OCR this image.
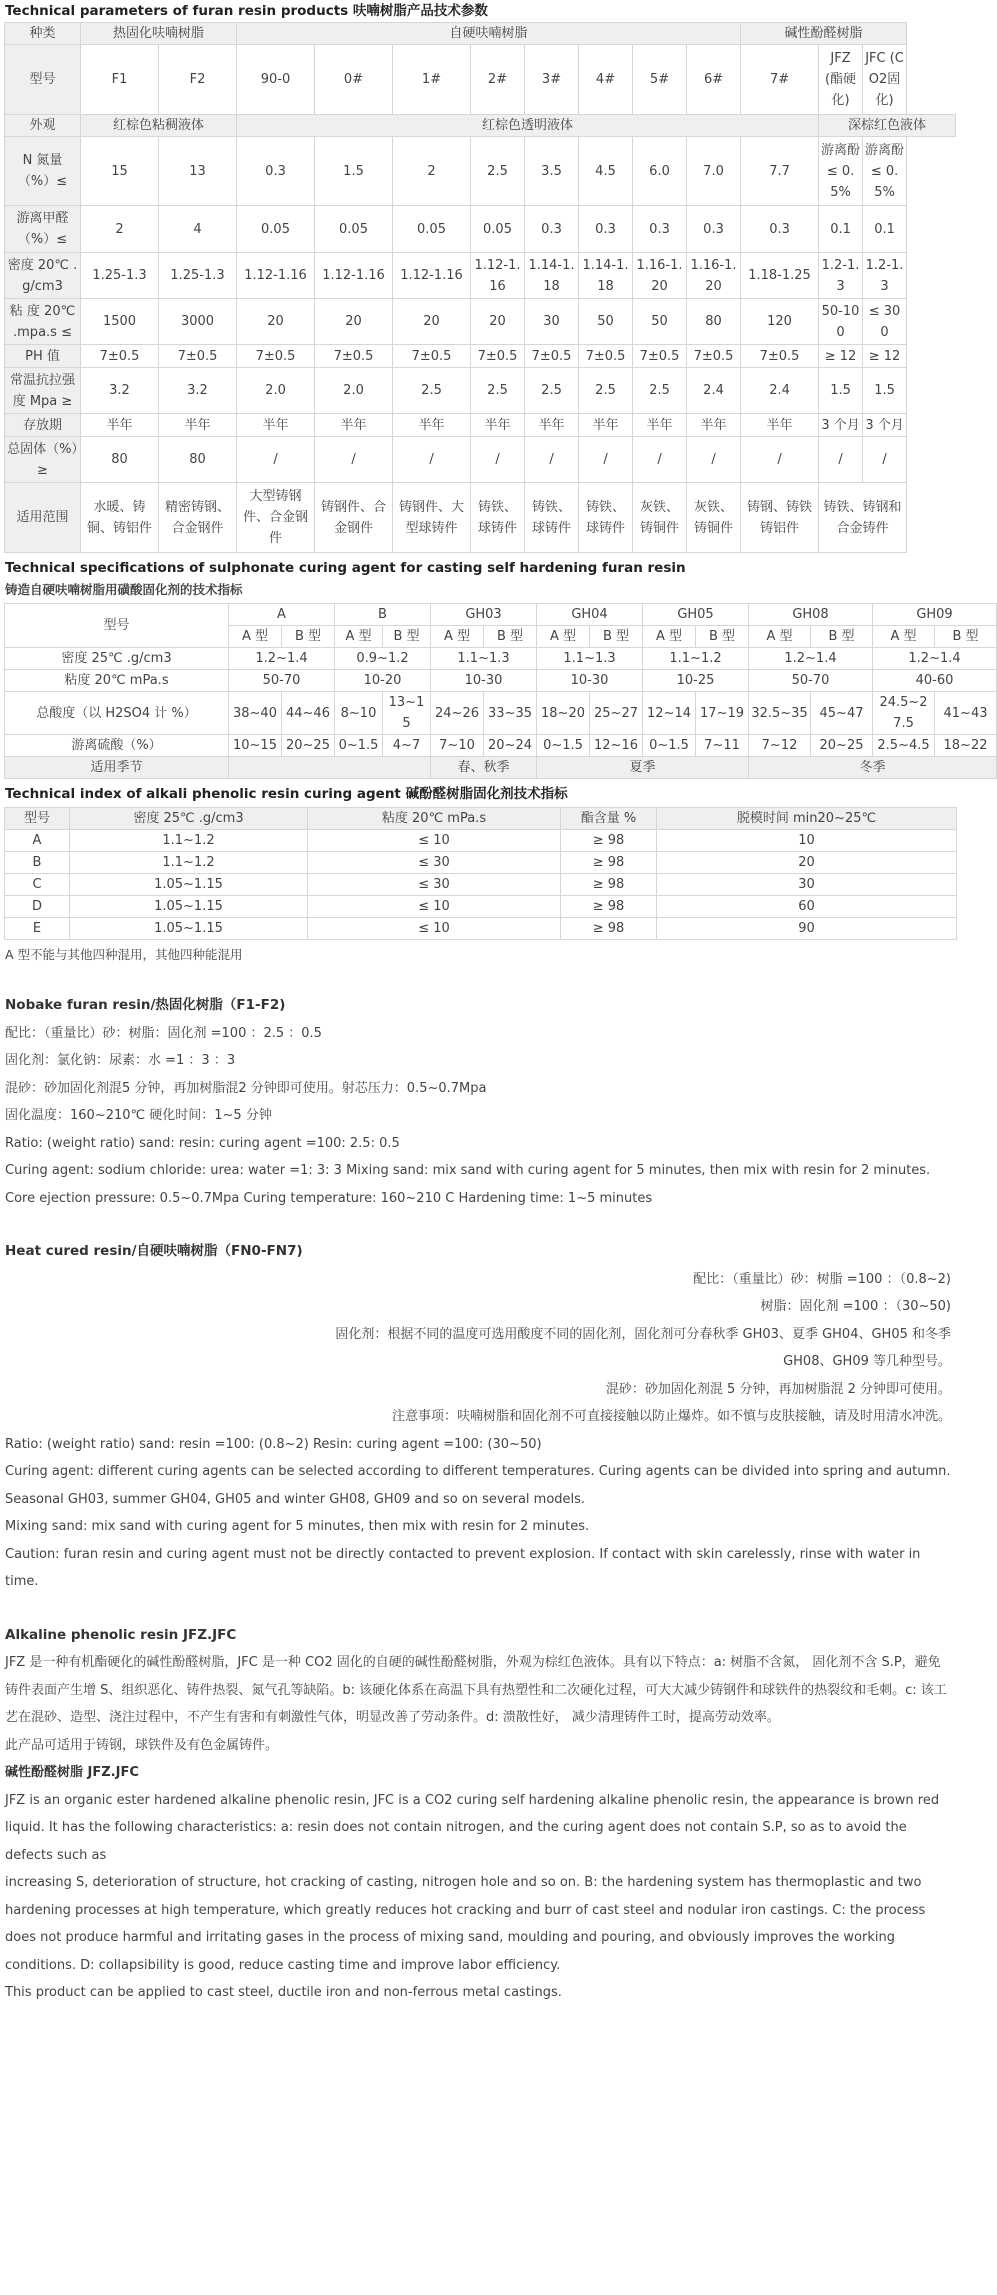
Technical parameters of furan resin products 呋喃树脂产品技术参数
种类	热固化呋喃树脂		自硬呋喃树脂								碱性酚醛树脂		
型号	F1	F2	90-0	0#	1#	2#	3#	4#	5#	6#	7#	JFZ (酯硬化)	JFC (CO2固化)
外观	红棕色粘稠液体		红棕色透明液体									深棕红色液体	
N 氮量（%）≤	15	13	0.3	1.5	2	2.5	3.5	4.5	6.0	7.0	7.7	游离酚 ≤ 0.5%	游离酚 ≤ 0.5%
游离甲醛（%）≤	2	4	0.05	0.05	0.05	0.05	0.3	0.3	0.3	0.3	0.3	0.1	0.1
密度 20℃ .g/cm3	1.25-1.3	1.25-1.3	1.12-1.16	1.12-1.16	1.12-1.16	1.12-1.16	1.14-1.18	1.14-1.18	1.16-1.20	1.16-1.20	1.18-1.25	1.2-1.3	1.2-1.3
粘 度 20℃ .mpa.s ≤	1500	3000	20	20	20	20	30	50	50	80	120	50-100	≤ 300
PH 值	7±0.5	7±0.5	7±0.5	7±0.5	7±0.5	7±0.5	7±0.5	7±0.5	7±0.5	7±0.5	7±0.5	≥ 12	≥ 12
常温抗拉强度 Mpa ≥	3.2	3.2	2.0	2.0	2.5	2.5	2.5	2.5	2.5	2.4	2.4	1.5	1.5
存放期	半年	半年	半年	半年	半年	半年	半年	半年	半年	半年	半年	3 个月	3 个月
总固体（%）≥	80	80	/	/	/	/	/	/	/	/	/	/	/
适用范围	水暖、铸铜、铸铝件	精密铸钢、合金钢件	大型铸钢件、合金钢件	铸钢件、合金钢件	铸钢件、大型球铸件	铸铁、球铸件	铸铁、球铸件	铸铁、球铸件	灰铁、铸铜件	灰铁、铸铜件	铸钢、铸铁铸铝件	铸铁、铸钢和合金铸件	
Technical specifications of sulphonate curing agent for casting self hardening furan resin
铸造自硬呋喃树脂用磺酸固化剂的技术指标
型号	A		B		GH03		GH04		GH05		GH08		GH09	
	A 型	B 型	A 型	B 型	A 型	B 型	A 型	B 型	A 型	B 型	A 型	B 型	A 型	B 型
密度 25℃ .g/cm3	1.2~1.4		0.9~1.2		1.1~1.3		1.1~1.3		1.1~1.2		1.2~1.4		1.2~1.4	
粘度 20℃ mPa.s	50-70		10-20		10-30		10-30		10-25		50-70		40-60	
总酸度（以 H2SO4 计 %）	38~40	44~46	8~10	13~15	24~26	33~35	18~20	25~27	12~14	17~19	32.5~35	45~47	24.5~27.5	41~43
游离硫酸（%）	10~15	20~25	0~1.5	4~7	7~10	20~24	0~1.5	12~16	0~1.5	7~11	7~12	20~25	2.5~4.5	18~22
适用季节					春、秋季		夏季				冬季			
Technical index of alkali phenolic resin curing agent 碱酚醛树脂固化剂技术指标
型号	密度 25℃ .g/cm3	粘度 20℃ mPa.s	酯含量 %	脱模时间 min20~25℃
A	1.1~1.2	≤ 10	≥ 98	10
B	1.1~1.2	≤ 30	≥ 98	20
C	1.05~1.15	≤ 30	≥ 98	30
D	1.05~1.15	≤ 10	≥ 98	60
E	1.05~1.15	≤ 10	≥ 98	90

A 型不能与其他四种混用，其他四种能混用

Nobake furan resin/热固化树脂（F1-F2)

配比：（重量比）砂：树脂：固化剂 =100 ：2.5 ：0.5

固化剂：氯化钠：尿素：水 =1 ：3 ：3

混砂：砂加固化剂混5 分钟，再加树脂混2 分钟即可使用。射芯压力：0.5~0.7Mpa

固化温度：160~210℃ 硬化时间：1~5 分钟

Ratio: (weight ratio) sand: resin: curing agent =100: 2.5: 0.5

Curing agent: sodium chloride: urea: water =1: 3: 3 Mixing sand: mix sand with curing agent for 5 minutes, then mix with resin for 2 minutes.

Core ejection pressure: 0.5~0.7Mpa Curing temperature: 160~210 C Hardening time: 1~5 minutes

Heat cured resin/自硬呋喃树脂（FN0-FN7)

配比：（重量比）砂：树脂 =100 ：（0.8~2)

树脂：固化剂 =100 ：（30~50)

固化剂：根据不同的温度可选用酸度不同的固化剂，固化剂可分春秋季 GH03、夏季 GH04、GH05 和冬季

GH08、GH09 等几种型号。

混砂：砂加固化剂混 5 分钟，再加树脂混 2 分钟即可使用。

注意事项：呋喃树脂和固化剂不可直接接触以防止爆炸。如不慎与皮肤接触，请及时用清水冲洗。

Ratio: (weight ratio) sand: resin =100: (0.8~2) Resin: curing agent =100: (30~50)

Curing agent: different curing agents can be selected according to different temperatures. Curing agents can be divided into spring and autumn.

Seasonal GH03, summer GH04, GH05 and winter GH08, GH09 and so on several models.

Mixing sand: mix sand with curing agent for 5 minutes, then mix with resin for 2 minutes.

Caution: furan resin and curing agent must not be directly contacted to prevent explosion. If contact with skin carelessly, rinse with water in time.

Alkaline phenolic resin JFZ.JFC

JFZ 是一种有机酯硬化的碱性酚醛树脂，JFC 是一种 CO2 固化的自硬的碱性酚醛树脂，外观为棕红色液体。具有以下特点：a: 树脂不含氮， 固化剂不含 S.P，避免铸件表面产生增 S、组织恶化、铸件热裂、氮气孔等缺陷。b: 该硬化体系在高温下具有热塑性和二次硬化过程，可大大减少铸钢件和球铁件的热裂纹和毛刺。c: 该工艺在混砂、造型、浇注过程中，不产生有害和有刺激性气体，明显改善了劳动条件。d: 溃散性好， 减少清理铸件工时，提高劳动效率。

此产品可适用于铸钢，球铁件及有色金属铸件。

碱性酚醛树脂 JFZ.JFC

JFZ is an organic ester hardened alkaline phenolic resin, JFC is a CO2 curing self hardening alkaline phenolic resin, the appearance is brown red liquid. It has the following characteristics: a: resin does not contain nitrogen, and the curing agent does not contain S.P, so as to avoid the defects such as

increasing S, deterioration of structure, hot cracking of casting, nitrogen hole and so on. B: the hardening system has thermoplastic and two hardening processes at high temperature, which greatly reduces hot cracking and burr of cast steel and nodular iron castings. C: the process does not produce harmful and irritating gases in the process of mixing sand, moulding and pouring, and obviously improves the working conditions. D: collapsibility is good, reduce casting time and improve labor efficiency.

This product can be applied to cast steel, ductile iron and non-ferrous metal castings.
